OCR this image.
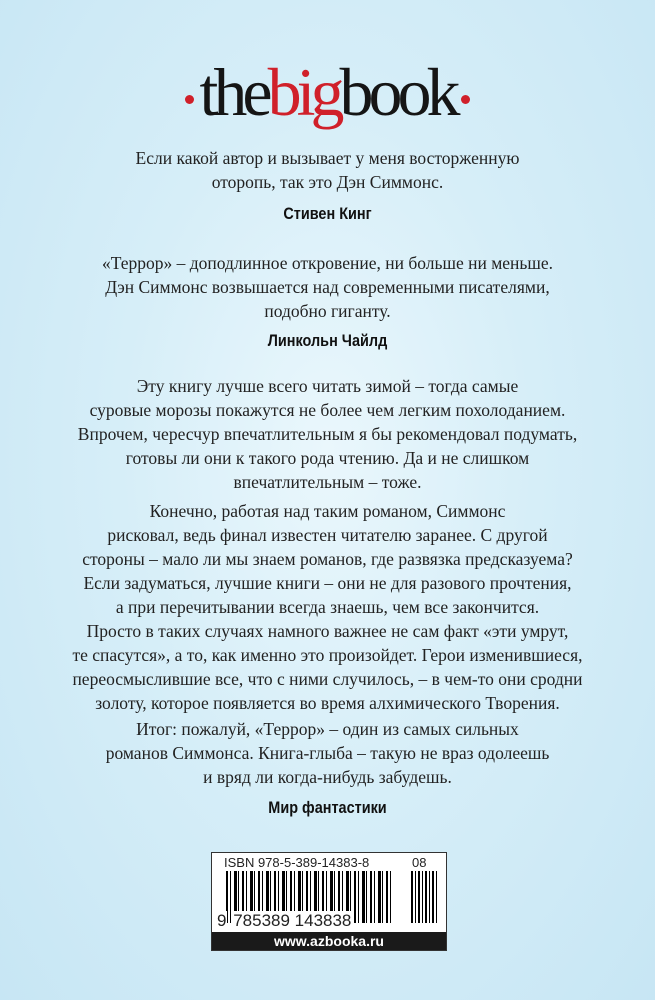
thebigbook
Если какой автор и вызывает у меня восторженную
оторопь, так это Дэн Симмонс.
Стивен Кинг
«Террор» – доподлинное откровение, ни больше ни меньше.
Дэн Симмонс возвышается над современными писателями,
подобно гиганту.
Линкольн Чайлд
Эту книгу лучше всего читать зимой – тогда самые
суровые морозы покажутся не более чем легким похолоданием.
Впрочем, чересчур впечатлительным я бы рекомендовал подумать,
готовы ли они к такого рода чтению. Да и не слишком
впечатлительным – тоже.
Конечно, работая над таким романом, Симмонс
рисковал, ведь финал известен читателю заранее. С другой
стороны – мало ли мы знаем романов, где развязка предсказуема?
Если задуматься, лучшие книги – они не для разового прочтения,
а при перечитывании всегда знаешь, чем все закончится.
Просто в таких случаях намного важнее не сам факт «эти умрут,
те спасутся», а то, как именно это произойдет. Герои изменившиеся,
переосмыслившие все, что с ними случилось, – в чем-то они сродни
золоту, которое появляется во время алхимического Творения.
Итог: пожалуй, «Террор» – один из самых сильных
романов Симмонса. Книга-глыба – такую не враз одолеешь
и вряд ли когда-нибудь забудешь.
Мир фантастики
ISBN 978-5-389-14383-8	08
9 785389 143838
www.azbooka.ru
